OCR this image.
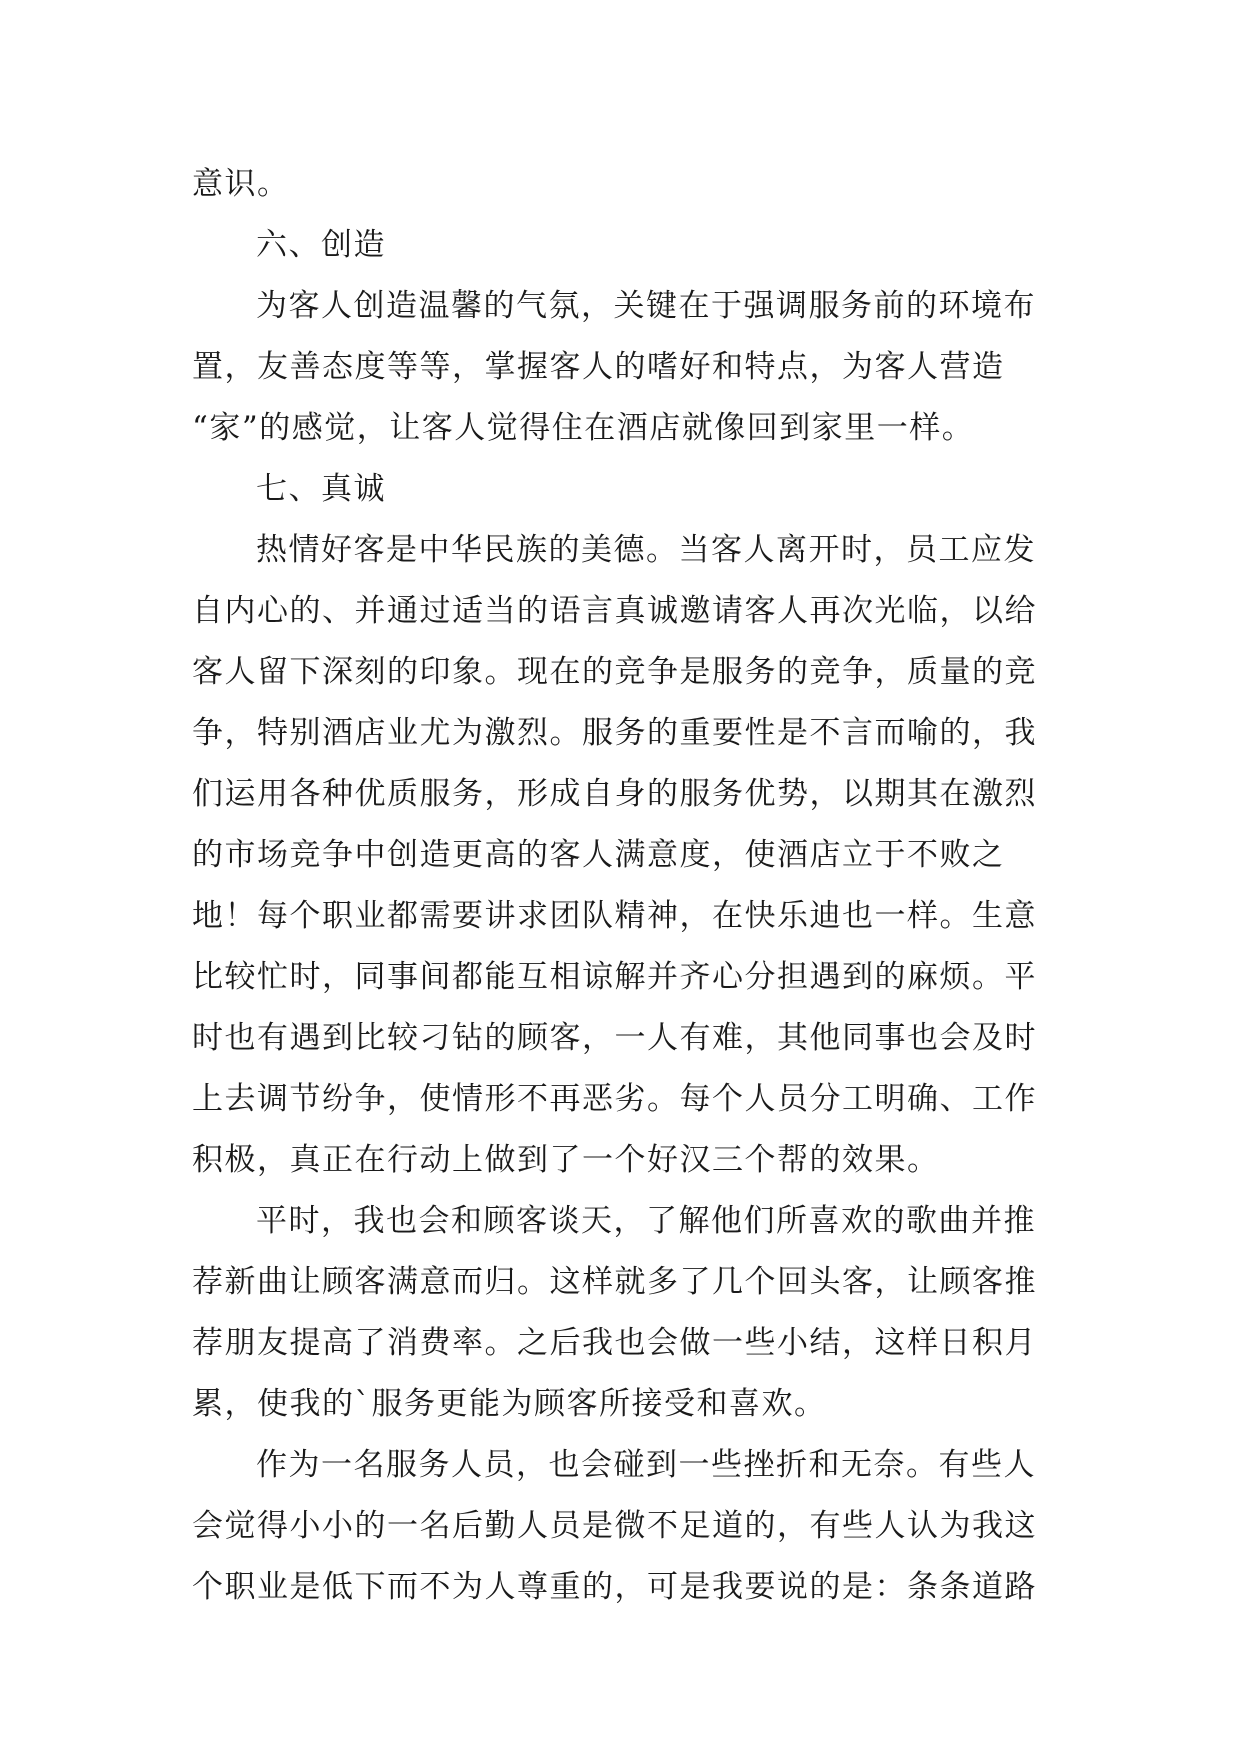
意识。
六、创造
为客人创造温馨的气氛，关键在于强调服务前的环境布
置，友善态度等等，掌握客人的嗜好和特点，为客人营造
“家”的感觉，让客人觉得住在酒店就像回到家里一样。
七、真诚
热情好客是中华民族的美德。当客人离开时，员工应发
自内心的、并通过适当的语言真诚邀请客人再次光临，以给
客人留下深刻的印象。现在的竞争是服务的竞争，质量的竞
争，特别酒店业尤为激烈。服务的重要性是不言而喻的，我
们运用各种优质服务，形成自身的服务优势，以期其在激烈
的市场竞争中创造更高的客人满意度，使酒店立于不败之
地！每个职业都需要讲求团队精神，在快乐迪也一样。生意
比较忙时，同事间都能互相谅解并齐心分担遇到的麻烦。平
时也有遇到比较刁钻的顾客，一人有难，其他同事也会及时
上去调节纷争，使情形不再恶劣。每个人员分工明确、工作
积极，真正在行动上做到了一个好汉三个帮的效果。
平时，我也会和顾客谈天，了解他们所喜欢的歌曲并推
荐新曲让顾客满意而归。这样就多了几个回头客，让顾客推
荐朋友提高了消费率。之后我也会做一些小结，这样日积月
累，使我的`服务更能为顾客所接受和喜欢。
作为一名服务人员，也会碰到一些挫折和无奈。有些人
会觉得小小的一名后勤人员是微不足道的，有些人认为我这
个职业是低下而不为人尊重的，可是我要说的是：条条道路
